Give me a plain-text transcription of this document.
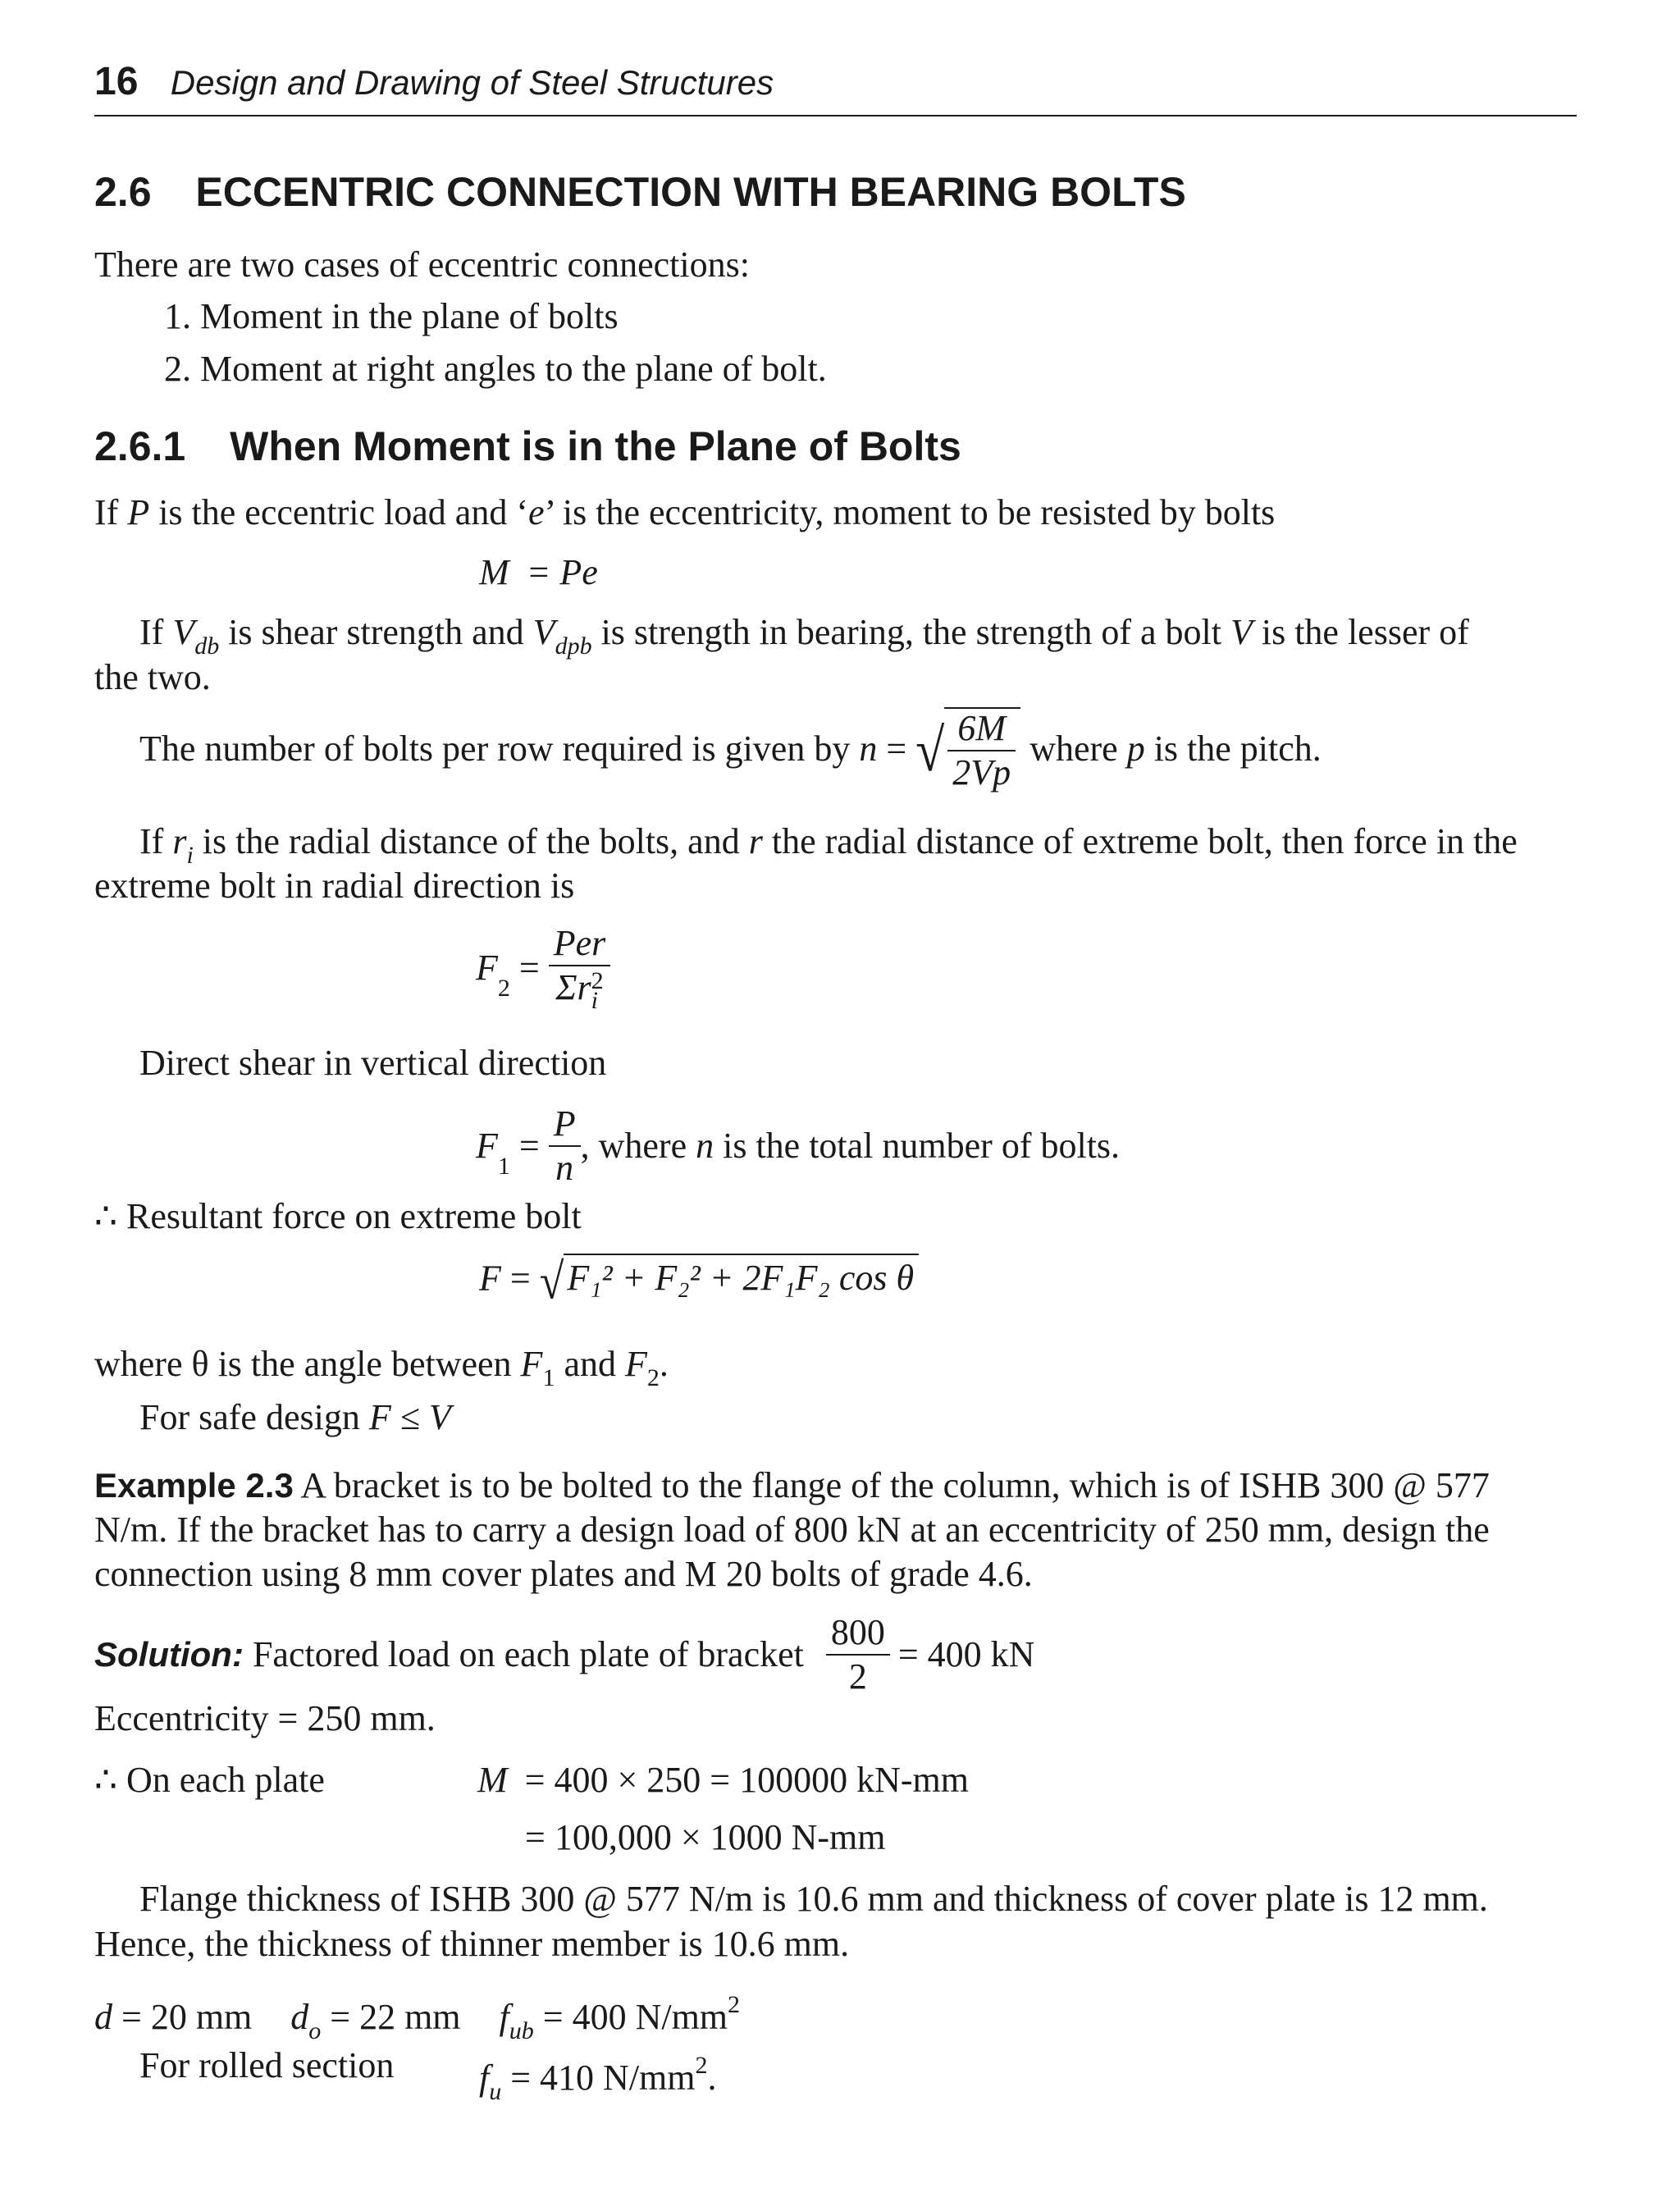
16 Design and Drawing of Steel Structures
2.6 ECCENTRIC CONNECTION WITH BEARING BOLTS
There are two cases of eccentric connections:
1. Moment in the plane of bolts
2. Moment at right angles to the plane of bolt.
2.6.1 When Moment is in the Plane of Bolts
If P is the eccentric load and ‘e’ is the eccentricity, moment to be resisted by bolts
M = Pe
If $V_{db}$ is shear strength and $V_{dpb}$ is strength in bearing, the strength of a bolt V is the lesser of
the two.
The number of bolts per row required is given by n = √ $\frac{6M}{2Vp}$ where p is the pitch.
If $r_i$ is the radial distance of the bolts, and r the radial distance of extreme bolt, then force in the
extreme bolt in radial direction is
$F_2$ = Per
Σr 2
i
Direct shear in vertical direction
$F_1 = \frac{P}{n}$ , where n is the total number of bolts.
∴ Resultant force on extreme bolt
F = √F₁² + F₂² + 2F₁F₂ cos θ
where θ is the angle between $F_1$ and $F_2$.
For safe design F ≤ V
Example 2.3 A bracket is to be bolted to the flange of the column, which is of ISHB 300 @ 577
N/m. If the bracket has to carry a design load of 800 kN at an eccentricity of 250 mm, design the
connection using 8 mm cover plates and M 20 bolts of grade 4.6.
Solution: Factored load on each plate of bracket $\frac{800}{2} = 400$ kN
Eccentricity = 250 mm.
∴ On each plate	M = 400 × 250 = 100000 kN-mm
= 100,000 × 1000 N-mm
Flange thickness of ISHB 300 @ 577 N/m is 10.6 mm and thickness of cover plate is 12 mm.
Hence, the thickness of thinner member is 10.6 mm.
d = 20 mm $d_o = 22$ mm $f_{ub} = 400$ $N/mm^2$
For rolled section $f_u = 410$ $N/mm^2$.
